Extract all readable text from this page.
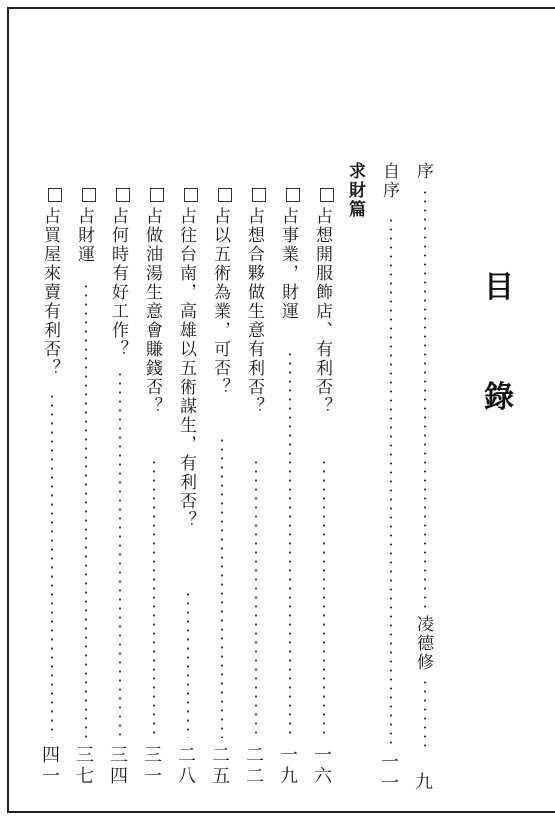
目
錄
序
凌德修
九
自序
一一
求財篇
占想開服飾店、有利否？
一六
占事業，財運
一九
占想合夥做生意有利否？
二二
占以五術為業，可否？
二五
占往台南，高雄以五術謀生，有利否？
二八
占做油湯生意會賺錢否？
三一
占何時有好工作？
三四
占財運
三七
占買屋來賣有利否？
四一
